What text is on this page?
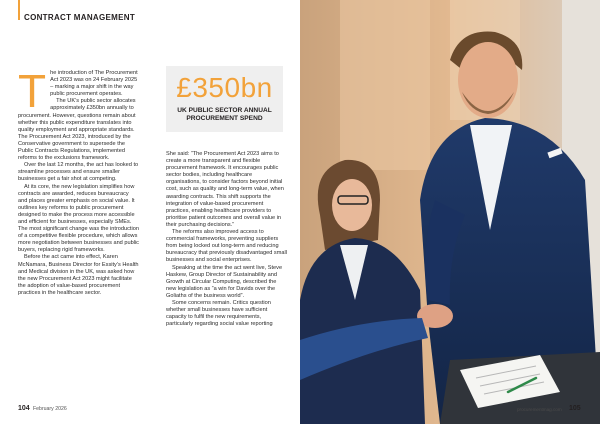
CONTRACT MANAGEMENT
T he introduction of The Procurement Act 2023 was on 24 February 2025 – marking a major shift in the way public procurement operates.

The UK’s public sector allocates approximately £350bn annually to procurement. However, questions remain about whether this public expenditure translates into quality employment and appropriate standards. The Procurement Act 2023, introduced by the Conservative government to supersede the Public Contracts Regulations, implemented reforms to the exclusions framework.

Over the last 12 months, the act has looked to streamline processes and ensure smaller businesses get a fair shot at competing.

At its core, the new legislation simplifies how contracts are awarded, reduces bureaucracy and places greater emphasis on social value. It outlines key reforms to public procurement designed to make the process more accessible and efficient for businesses, especially SMEs. The most significant change was the introduction of a competitive flexible procedure, which allows more negotiation between businesses and public buyers, replacing rigid frameworks.

Before the act came into effect, Karen McNamara, Business Director for Essity’s Health and Medical division in the UK, was asked how the new Procurement Act 2023 might facilitate the adoption of value-based procurement practices in the healthcare sector.

£350bn
UK PUBLIC SECTOR ANNUAL PROCUREMENT SPEND

She said: “The Procurement Act 2023 aims to create a more transparent and flexible procurement framework. It encourages public sector bodies, including healthcare organisations, to consider factors beyond initial cost, such as quality and long-term value, when awarding contracts. This shift supports the integration of value-based procurement practices, enabling healthcare providers to prioritise patient outcomes and overall value in their purchasing decisions.”

The reforms also improved access to commercial frameworks, preventing suppliers from being locked out long-term and reducing bureaucracy that previously disadvantaged small businesses and social enterprises.

Speaking at the time the act went live, Steve Haskew, Group Director of Sustainability and Growth at Circular Computing, described the new legislation as “a win for Davids over the Goliaths of the business world”.

Some concerns remain. Critics question whether small businesses have sufficient capacity to fulfil the new requirements, particularly regarding social value reporting

104 February 2026	procurementmag.com 105
